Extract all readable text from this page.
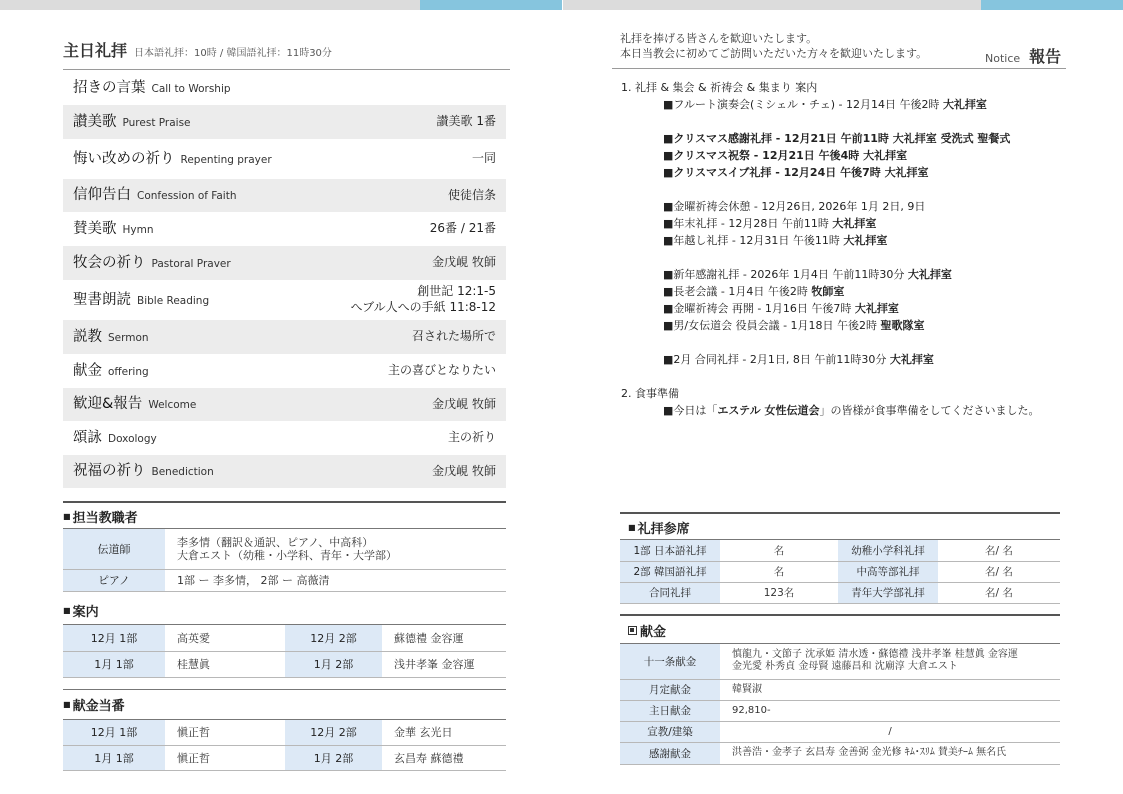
主日礼拝 日本語礼拝：10時 / 韓国語礼拝：11時30分
招きの言葉 Call to Worship
讃美歌 Purest Praise	讃美歌 1番
悔い改めの祈り Repenting prayer	一同
信仰告白 Confession of Faith	使徒信条
賛美歌 Hymn	26番 / 21番
牧会の祈り Pastoral Praver	金戊峴 牧師
聖書朗読 Bible Reading
創世記 12:1-5
へブル人への手紙 11:8-12
説教 Sermon	召された場所で
献金 offering	主の喜びとなりたい
歓迎&報告 Welcome	金戊峴 牧師
頌詠 Doxology	主の祈り
祝福の祈り Benediction	金戊峴 牧師
■ 担当教職者
伝道師	李多情（翻訳＆通訳、ピアノ、中高科）
大倉エスト（幼稚・小学科、青年・大学部）

ピアノ	1部 ー 李多情， 2部 ー 高薇清
■ 案内
12月 1部	高英愛	12月 2部	蘇德禮 金容運
1月 1部	桂慧眞	1月 2部	浅井孝峯 金容運
■ 献金当番
12月 1部	愼正哲	12月 2部	金華 玄光日
1月 1部	愼正哲	1月 2部	玄昌寿 蘇德禮
礼拝を捧げる皆さんを歓迎いたします。
本日当教会に初めてご訪問いただいた方々を歓迎いたします。	Notice 報告
1. 礼拝 & 集会 & 祈祷会 & 集まり 案内
■フルート演奏会(ミシェル・チェ) - 12月14日 午後2時 大礼拝室
■クリスマス感謝礼拝 - 12月21日 午前11時 大礼拝室 受洗式 聖餐式
■クリスマス祝祭 - 12月21日 午後4時 大礼拝室
■クリスマスイブ礼拝 - 12月24日 午後7時 大礼拝室
■金曜祈祷会休憩 - 12月26日, 2026年 1月 2日, 9日
■年末礼拝 - 12月28日 午前11時 大礼拝室
■年越し礼拝 - 12月31日 午後11時 大礼拝室
■新年感謝礼拝 - 2026年 1月4日 午前11時30分 大礼拝室
■長老会議 - 1月4日 午後2時 牧師室
■金曜祈祷会 再開 - 1月16日 午後7時 大礼拝室
■男/女伝道会 役員会議 - 1月18日 午後2時 聖歌隊室
■2月 合同礼拝 - 2月1日, 8日 午前11時30分 大礼拝室
2. 食事準備
■今日は「エステル 女性伝道会」の皆様が食事準備をしてくださいました。
■ 礼拝参席
1部 日本語礼拝	名	幼稚小学科礼拝	名/ 名
2部 韓国語礼拝	名	中高等部礼拝	名/ 名
合同礼拝	123名	青年大学部礼拝	名/ 名
献金
十一条献金	慎龍九・文節子 沈承姫 清水透・蘇德禮 浅井孝峯 桂慧眞 金容運
金光愛 朴秀貞 金母賢 遠藤昌和 沈廟淳 大倉エスト

月定献金	韓賢淑
主日献金	92,810-
宣教/建築	/
感謝献金	洪善浩・金孝子 玄昌寿 金善弼 金光修 ｷﾑ･ｽﾘﾑ 賛美ﾁｰﾑ 無名氏
